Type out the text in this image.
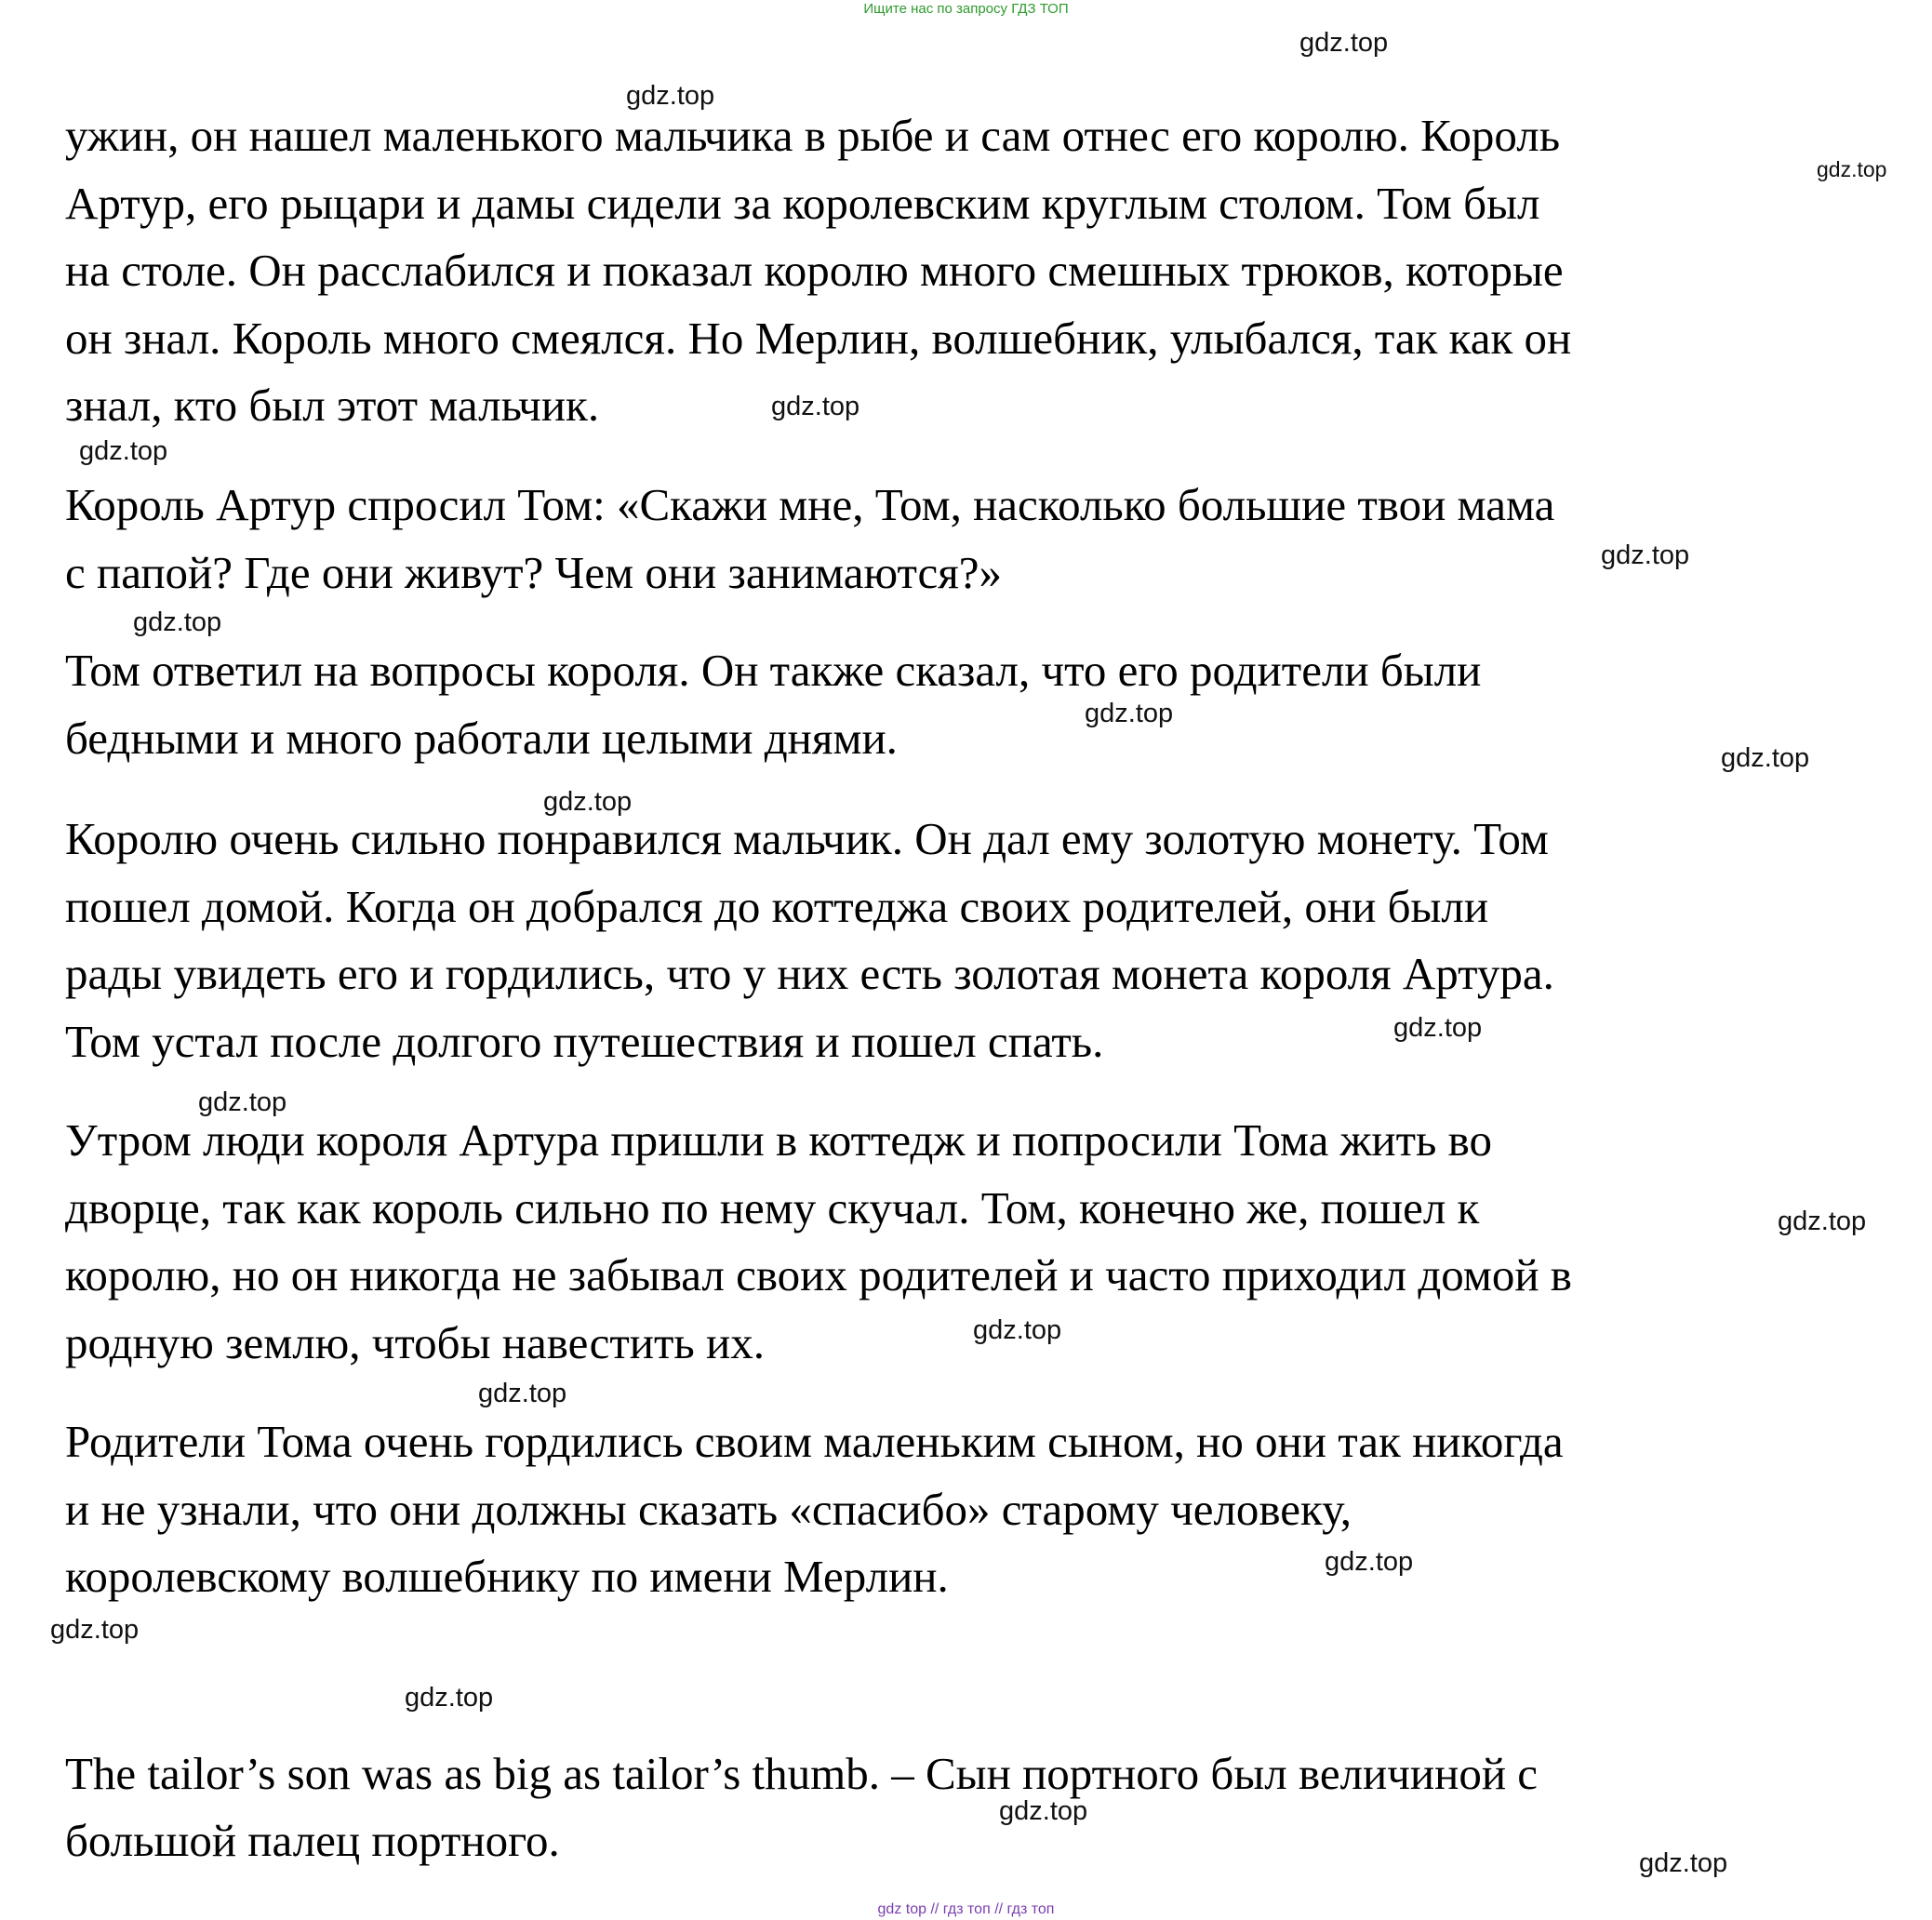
Ищите нас по запросу ГДЗ ТОП
ужин, он нашел маленького мальчика в рыбе и сам отнес его королю. Король
Артур, его рыцари и дамы сидели за королевским круглым столом. Том был
на столе. Он расслабился и показал королю много смешных трюков, которые
он знал. Король много смеялся. Но Мерлин, волшебник, улыбался, так как он
знал, кто был этот мальчик.
Король Артур спросил Том: «Скажи мне, Том, насколько большие твои мама
с папой? Где они живут? Чем они занимаются?»
Том ответил на вопросы короля. Он также сказал, что его родители были
бедными и много работали целыми днями.
Королю очень сильно понравился мальчик. Он дал ему золотую монету. Том
пошел домой. Когда он добрался до коттеджа своих родителей, они были
рады увидеть его и гордились, что у них есть золотая монета короля Артура.
Том устал после долгого путешествия и пошел спать.
Утром люди короля Артура пришли в коттедж и попросили Тома жить во
дворце, так как король сильно по нему скучал. Том, конечно же, пошел к
королю, но он никогда не забывал своих родителей и часто приходил домой в
родную землю, чтобы навестить их.
Родители Тома очень гордились своим маленьким сыном, но они так никогда
и не узнали, что они должны сказать «спасибо» старому человеку,
королевскому волшебнику по имени Мерлин.
The tailor’s son was as big as tailor’s thumb. – Сын портного был величиной с
большой палец портного.
gdz.top
gdz.top
gdz.top
gdz.top
gdz.top
gdz.top
gdz.top
gdz.top
gdz.top
gdz.top
gdz.top
gdz.top
gdz.top
gdz.top
gdz.top
gdz.top
gdz.top
gdz.top
gdz.top
gdz.top
gdz top // гдз топ // гдз топ
